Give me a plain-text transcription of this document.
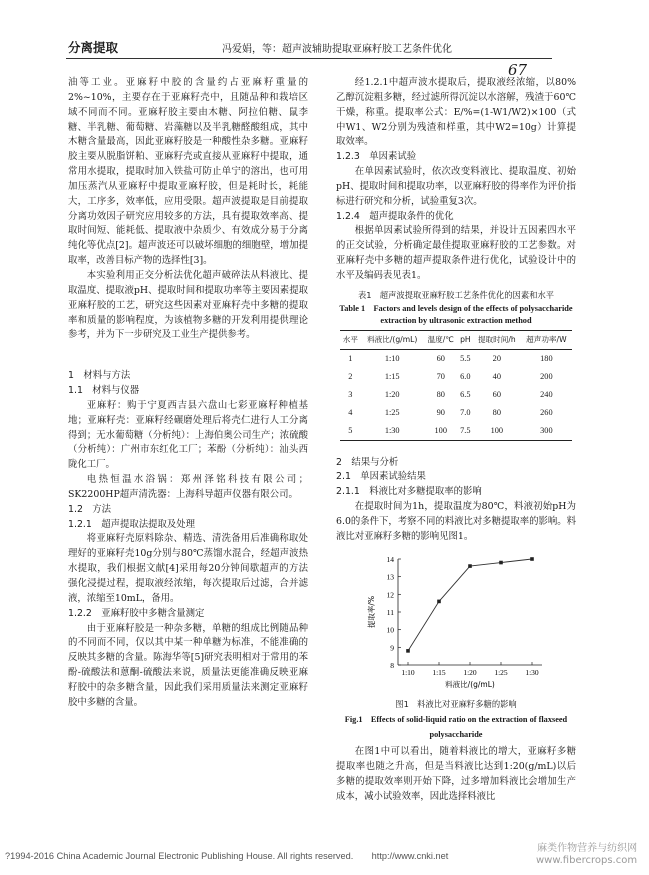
分离提取	冯爱娟，等：超声波辅助提取亚麻籽胶工艺条件优化
67

油等工业。亚麻籽中胶的含量约占亚麻籽重量的2%~10%，主要存在于亚麻籽壳中，且随品种和栽培区域不同而不同。亚麻籽胶主要由木糖、阿拉伯糖、鼠李糖、半乳糖、葡萄糖、岩藻糖以及半乳糖醛酸组成，其中木糖含量最高，因此亚麻籽胶是一种酸性杂多糖。亚麻籽胶主要从脱脂饼粕、亚麻籽壳或直接从亚麻籽中提取，通常用水提取，提取时加入铁盐可防止单宁的溶出，也可用加压蒸汽从亚麻籽中提取亚麻籽胶，但是耗时长，耗能大，工序多，效率低，应用受限。超声波提取是目前提取分离功效因子研究应用较多的方法，具有提取效率高、提取时间短、能耗低、提取液中杂质少、有效成分易于分离纯化等优点[2]。超声波还可以破坏细胞的细胞壁，增加提取率，改善目标产物的选择性[3]。

本实验利用正交分析法优化超声破碎法从料液比、提取温度、提取液pH、提取时间和提取功率等主要因素提取亚麻籽胶的工艺，研究这些因素对亚麻籽壳中多糖的提取率和质量的影响程度，为该植物多糖的开发利用提供理论参考，并为下一步研究及工业生产提供参考。

1　材料与方法
1.1　材料与仪器

亚麻籽：购于宁夏西吉县六盘山七彩亚麻籽种植基地；亚麻籽壳：亚麻籽经碾磨处理后将壳仁进行人工分离得到；无水葡萄糖（分析纯）：上海伯奥公司生产；浓硫酸（分析纯）：广州市东红化工厂；苯酚（分析纯）：汕头西陇化工厂。

电热恒温水浴锅：郑州泽铭科技有限公司；SK2200HP超声清洗器：上海科导超声仪器有限公司。

1.2　方法
1.2.1　超声提取法提取及处理

将亚麻籽壳原料除杂、精选、清洗备用后准确称取处理好的亚麻籽壳10g分别与80℃蒸馏水混合，经超声波热水提取，我们根据文献[4]采用每20分钟间歇超声的方法强化浸提过程，提取液经浓缩，每次提取后过滤，合并滤液，浓缩至10mL，备用。

1.2.2　亚麻籽胶中多糖含量测定

由于亚麻籽胶是一种杂多糖，单糖的组成比例随品种的不同而不同，仅以其中某一种单糖为标准，不能准确的反映其多糖的含量。陈海华等[5]研究表明相对于常用的苯酚-硫酸法和蒽酮-硫酸法来说，质量法更能准确反映亚麻籽胶中的杂多糖含量，因此我们采用质量法来测定亚麻籽胶中多糖的含量。

经1.2.1中超声波水提取后，提取液经浓缩，以80%乙醇沉淀粗多糖，经过滤所得沉淀以水溶解，残渣于60℃干燥，称重。提取率公式：E/%=(1-W1/W2)×100（式中W1、W2分别为残渣和样重，其中W2=10g）计算提取效率。

1.2.3　单因素试验

在单因素试验时，依次改变料液比、提取温度、初始pH、提取时间和提取功率，以亚麻籽胶的得率作为评价指标进行研究和分析，试验重复3次。

1.2.4　超声提取条件的优化

根据单因素试验所得到的结果，并设计五因素四水平的正交试验，分析确定最佳提取亚麻籽胶的工艺参数。对亚麻籽壳中多糖的超声提取条件进行优化，试验设计中的水平及编码表见表1。

表1　超声波提取亚麻籽胶工艺条件优化的因素和水平
Table 1　Factors and levels design of the effects of polysaccharide
extraction by ultrasonic extraction method
水平	料液比/(g/mL)	温度/℃	pH	提取时间/h	超声功率/W
1	1:10	60	5.5	20	180
2	1:15	70	6.0	40	200
3	1:20	80	6.5	60	240
4	1:25	90	7.0	80	260
5	1:30	100	7.5	100	300
2　结果与分析
2.1　单因素试验结果
2.1.1　料液比对多糖提取率的影响

在提取时间为1h，提取温度为80℃，料液初始pH为6.0的条件下，考察不同的料液比对多糖提取率的影响。料液比对亚麻籽多糖的影响见图1。

8
9
10
11
12
13
14
1:10 1:15 1:20 1:25 1:30
提取率/%
料液比/(g/mL)
图1　料液比对亚麻籽多糖的影响
Fig.1　Effects of solid-liquid ratio on the extraction of flaxseed
polysaccharide

在图1中可以看出，随着料液比的增大，亚麻籽多糖提取率也随之升高，但是当料液比达到1:20(g/mL)以后多糖的提取效率则开始下降，过多增加料液比会增加生产成本，减小试验效率，因此选择料液比

?1994-2016 China Academic Journal Electronic Publishing House. All rights reserved.　　http://www.cnki.net
麻类作物营养与纺织网
www.fibercrops.com
